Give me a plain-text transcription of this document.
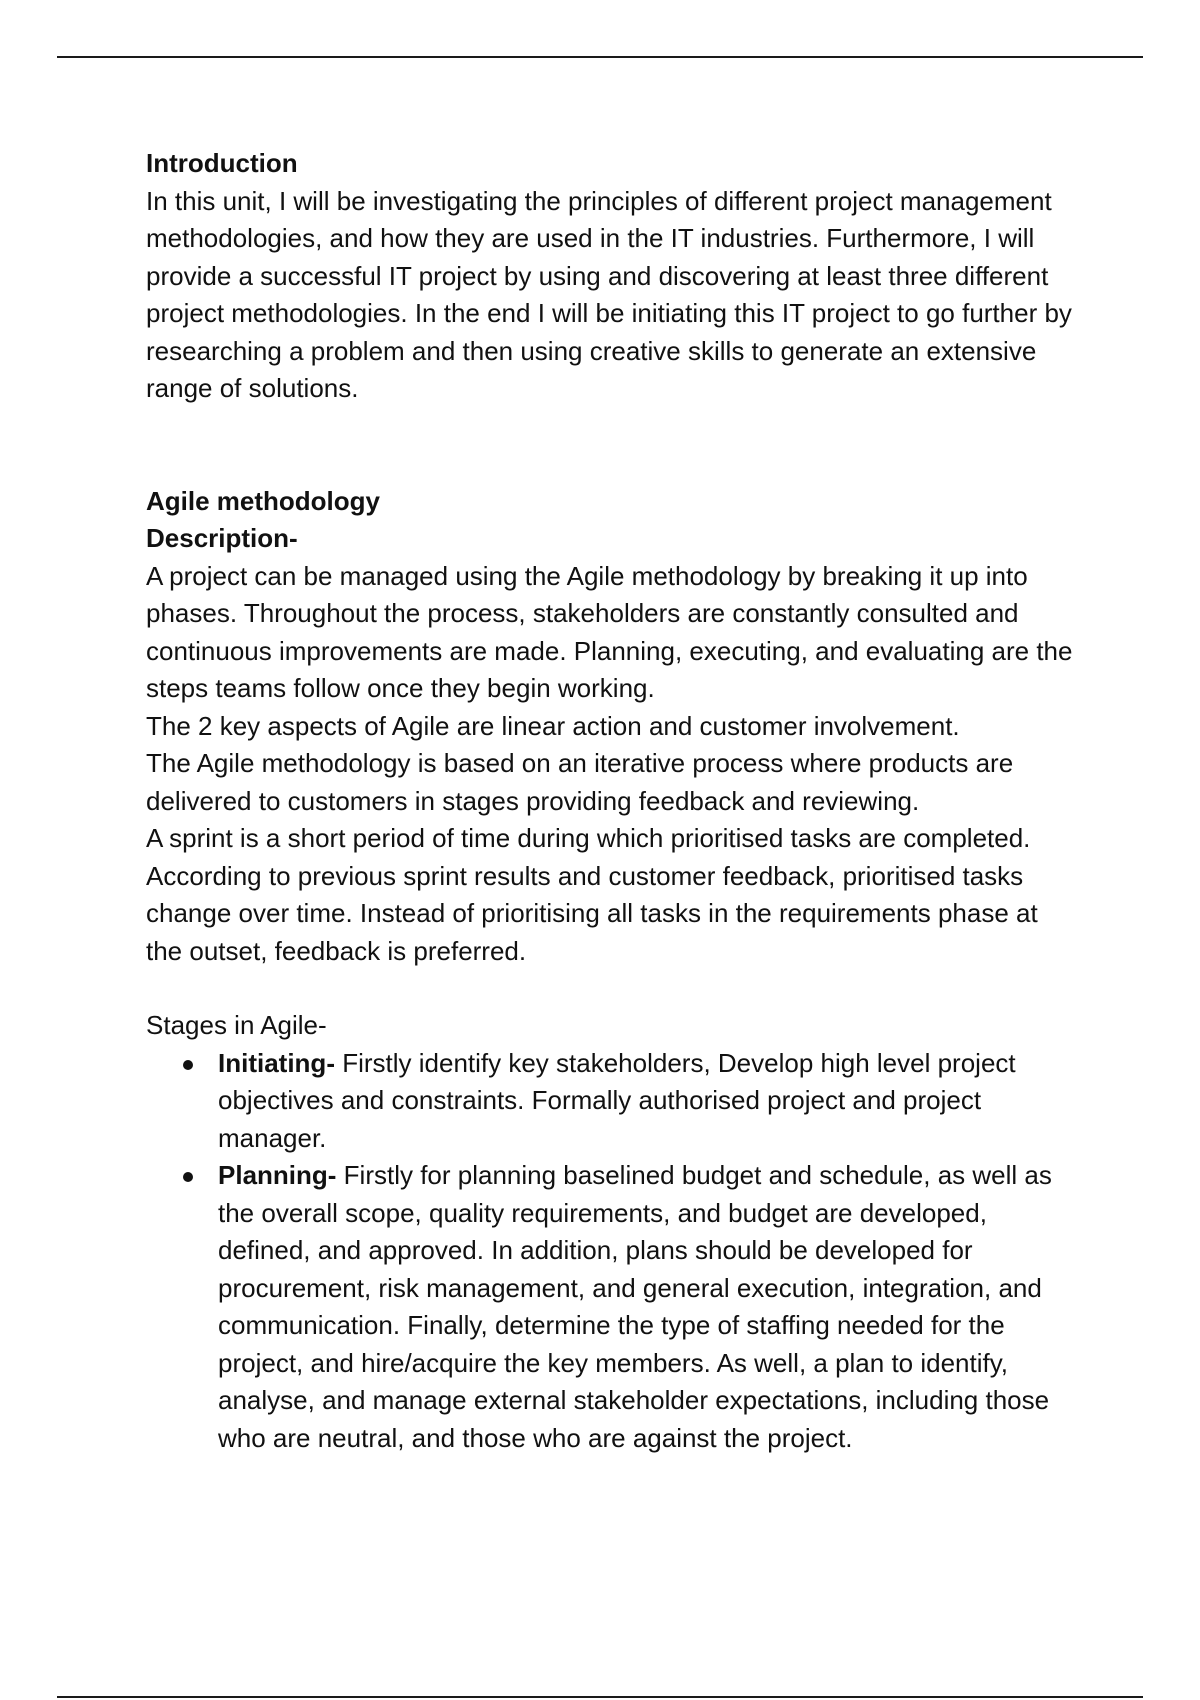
Introduction

In this unit, I will be investigating the principles of different project management methodologies, and how they are used in the IT industries. Furthermore, I will provide a successful IT project by using and discovering at least three different project methodologies. In the end I will be initiating this IT project to go further by researching a problem and then using creative skills to generate an extensive range of solutions.

Agile methodology

Description-

A project can be managed using the Agile methodology by breaking it up into phases. Throughout the process, stakeholders are constantly consulted and continuous improvements are made. Planning, executing, and evaluating are the steps teams follow once they begin working.

The 2 key aspects of Agile are linear action and customer involvement.

The Agile methodology is based on an iterative process where products are delivered to customers in stages providing feedback and reviewing.

A sprint is a short period of time during which prioritised tasks are completed. According to previous sprint results and customer feedback, prioritised tasks change over time. Instead of prioritising all tasks in the requirements phase at the outset, feedback is preferred.

Stages in Agile-

Initiating- Firstly identify key stakeholders, Develop high level project objectives and constraints. Formally authorised project and project manager.
Planning- Firstly for planning baselined budget and schedule, as well as the overall scope, quality requirements, and budget are developed, defined, and approved. In addition, plans should be developed for procurement, risk management, and general execution, integration, and communication. Finally, determine the type of staffing needed for the project, and hire/acquire the key members. As well, a plan to identify, analyse, and manage external stakeholder expectations, including those who are neutral, and those who are against the project.
